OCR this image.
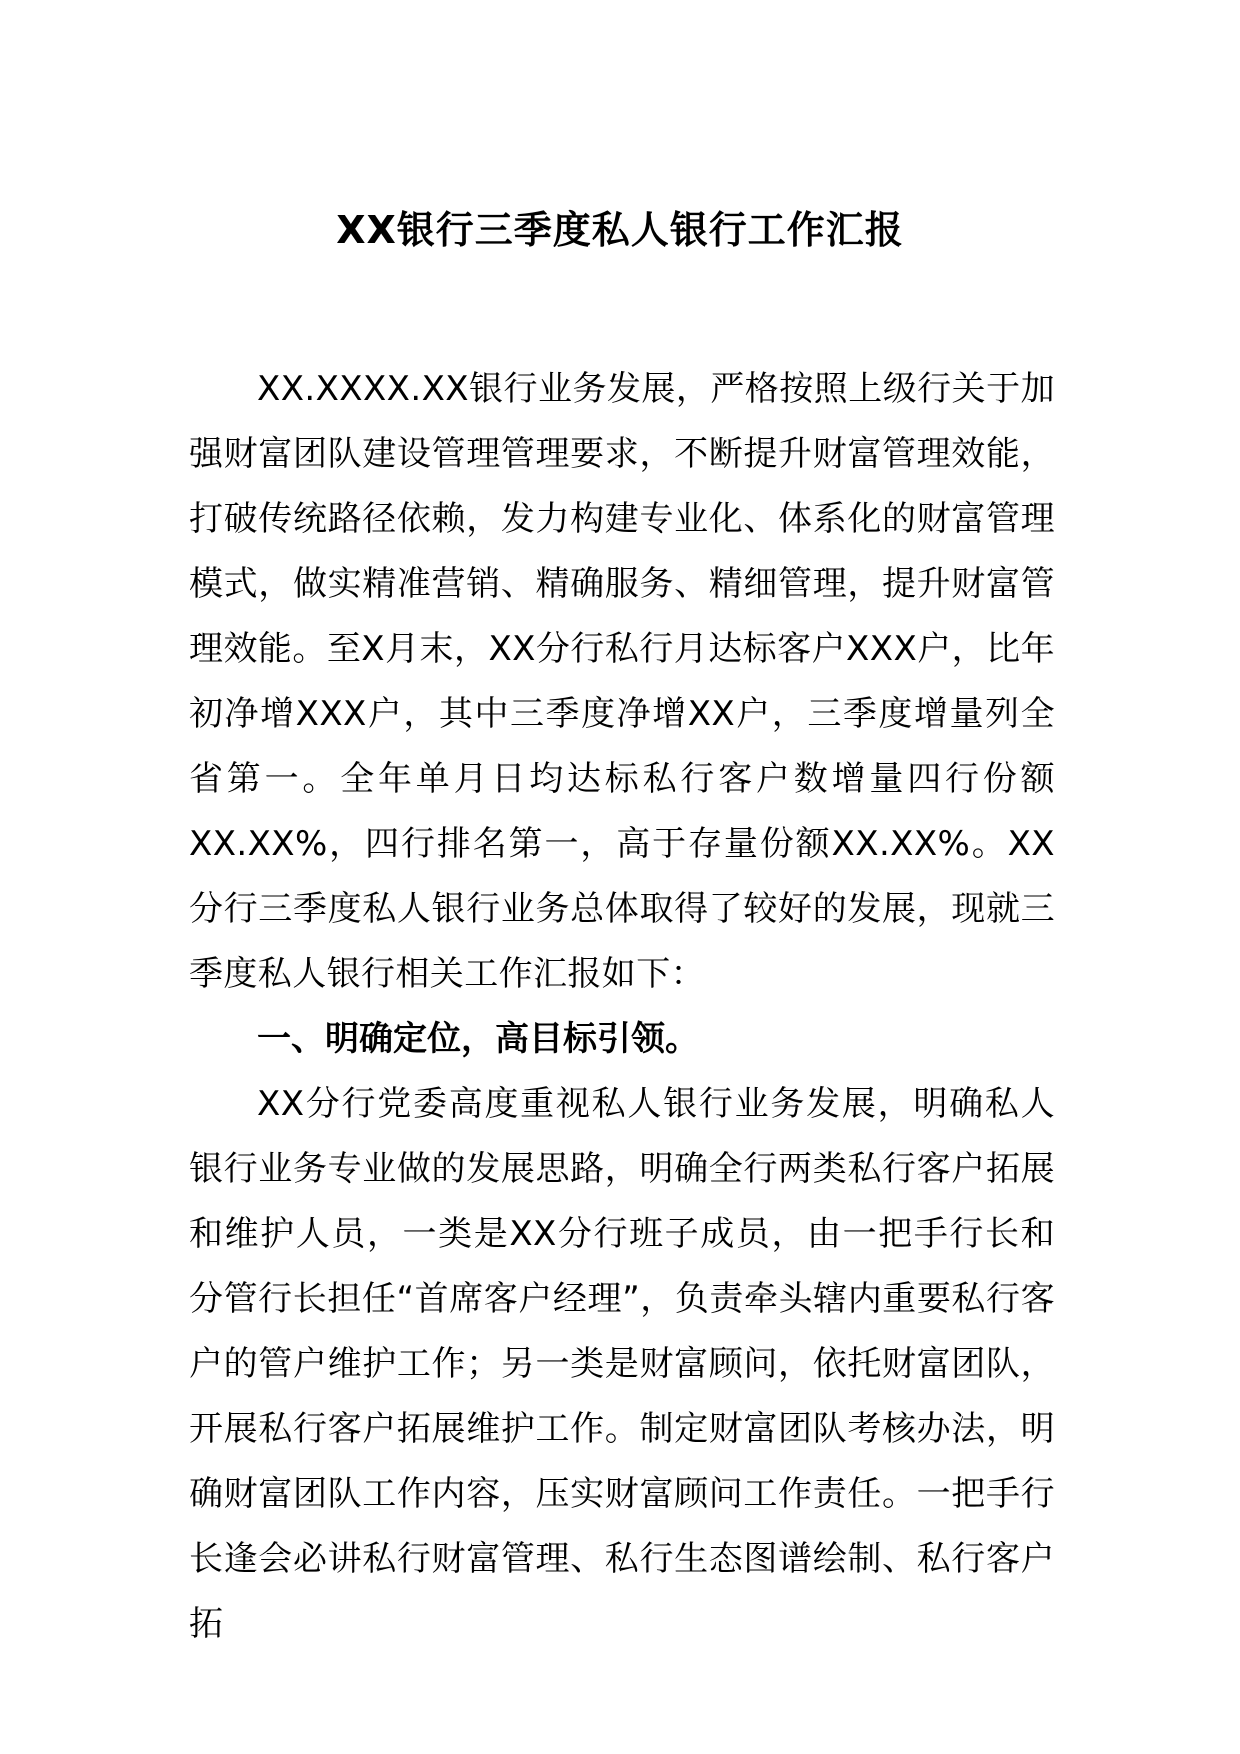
XX银行三季度私人银行工作汇报

XX.XXXX.XX银行业务发展，严格按照上级行关于加强财富团队建设管理管理要求，不断提升财富管理效能，打破传统路径依赖，发力构建专业化、体系化的财富管理模式，做实精准营销、精确服务、精细管理，提升财富管理效能。至X月末，XX分行私行月达标客户XXX户，比年初净增XXX户，其中三季度净增XX户，三季度增量列全省第一。全年单月日均达标私行客户数增量四行份额XX.XX%，四行排名第一，高于存量份额XX.XX%。XX分行三季度私人银行业务总体取得了较好的发展，现就三季度私人银行相关工作汇报如下：

一、明确定位，高目标引领。

XX分行党委高度重视私人银行业务发展，明确私人银行业务专业做的发展思路，明确全行两类私行客户拓展和维护人员，一类是XX分行班子成员，由一把手行长和分管行长担任“首席客户经理”，负责牵头辖内重要私行客户的管户维护工作；另一类是财富顾问，依托财富团队，开展私行客户拓展维护工作。制定财富团队考核办法，明确财富团队工作内容，压实财富顾问工作责任。一把手行长逢会必讲私行财富管理、私行生态图谱绘制、私行客户拓
